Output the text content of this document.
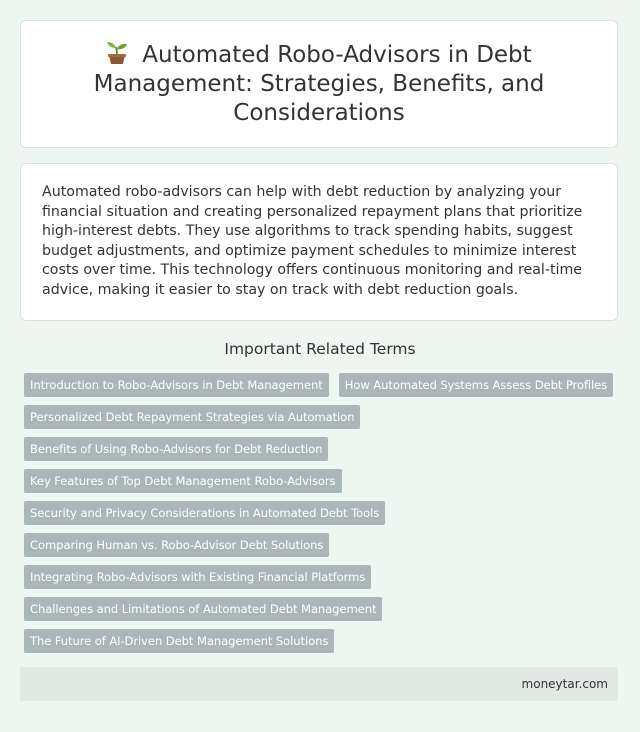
Automated Robo-Advisors in Debt Management: Strategies, Benefits, and Considerations

Automated robo-advisors can help with debt reduction by analyzing your financial situation and creating personalized repayment plans that prioritize high-interest debts. They use algorithms to track spending habits, suggest budget adjustments, and optimize payment schedules to minimize interest costs over time. This technology offers continuous monitoring and real-time advice, making it easier to stay on track with debt reduction goals.

Important Related Terms
Introduction to Robo-Advisors in Debt Management	How Automated Systems Assess Debt Profiles
Personalized Debt Repayment Strategies via Automation
Benefits of Using Robo-Advisors for Debt Reduction
Key Features of Top Debt Management Robo-Advisors
Security and Privacy Considerations in Automated Debt Tools
Comparing Human vs. Robo-Advisor Debt Solutions
Integrating Robo-Advisors with Existing Financial Platforms
Challenges and Limitations of Automated Debt Management
The Future of AI-Driven Debt Management Solutions
moneytar.com
